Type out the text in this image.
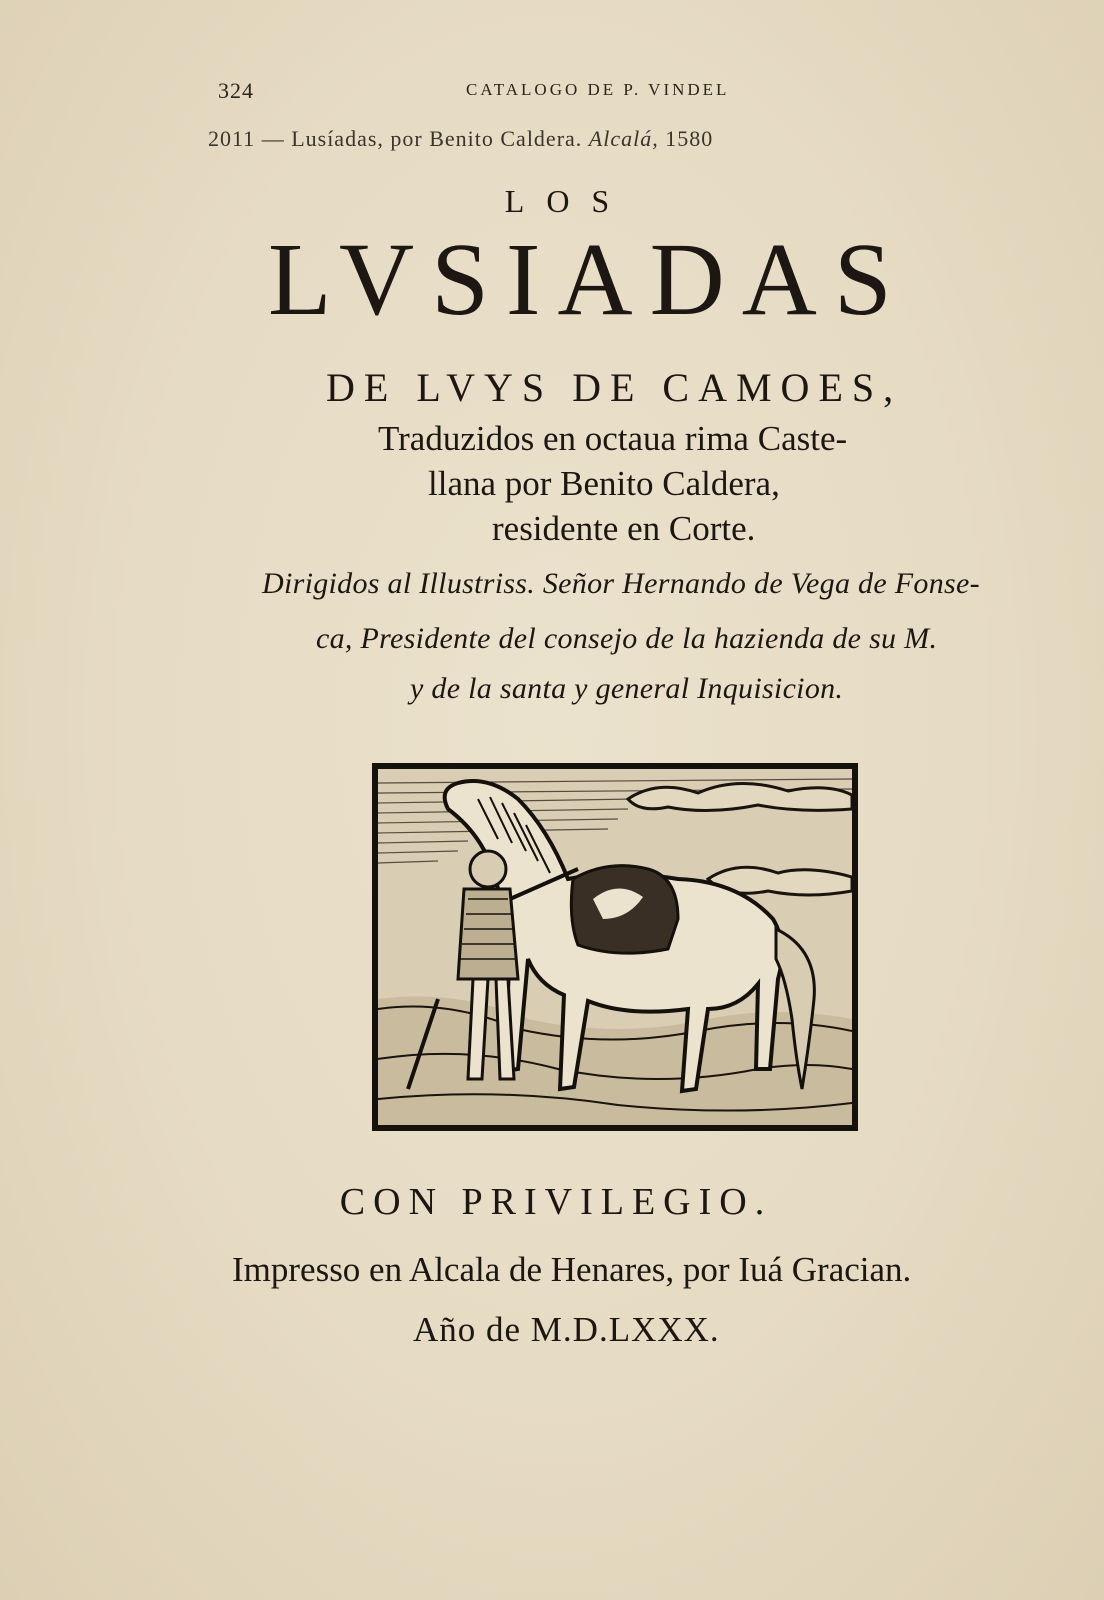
324	CATALOGO DE P. VINDEL
2011 — Lusíadas, por Benito Caldera. Alcalá, 1580
LOS
LVSIADAS
DE LVYS DE CAMOES,
Traduzidos en octaua rima Caste-
llana por Benito Caldera,
residente en Corte.
Dirigidos al Illustriss. Señor Hernando de Vega de Fonse-
ca, Presidente del consejo de la hazienda de su M.
y de la santa y general Inquisicion.
CON PRIVILEGIO.
Impresso en Alcala de Henares, por Iuá Gracian.
Año de M.D.LXXX.
